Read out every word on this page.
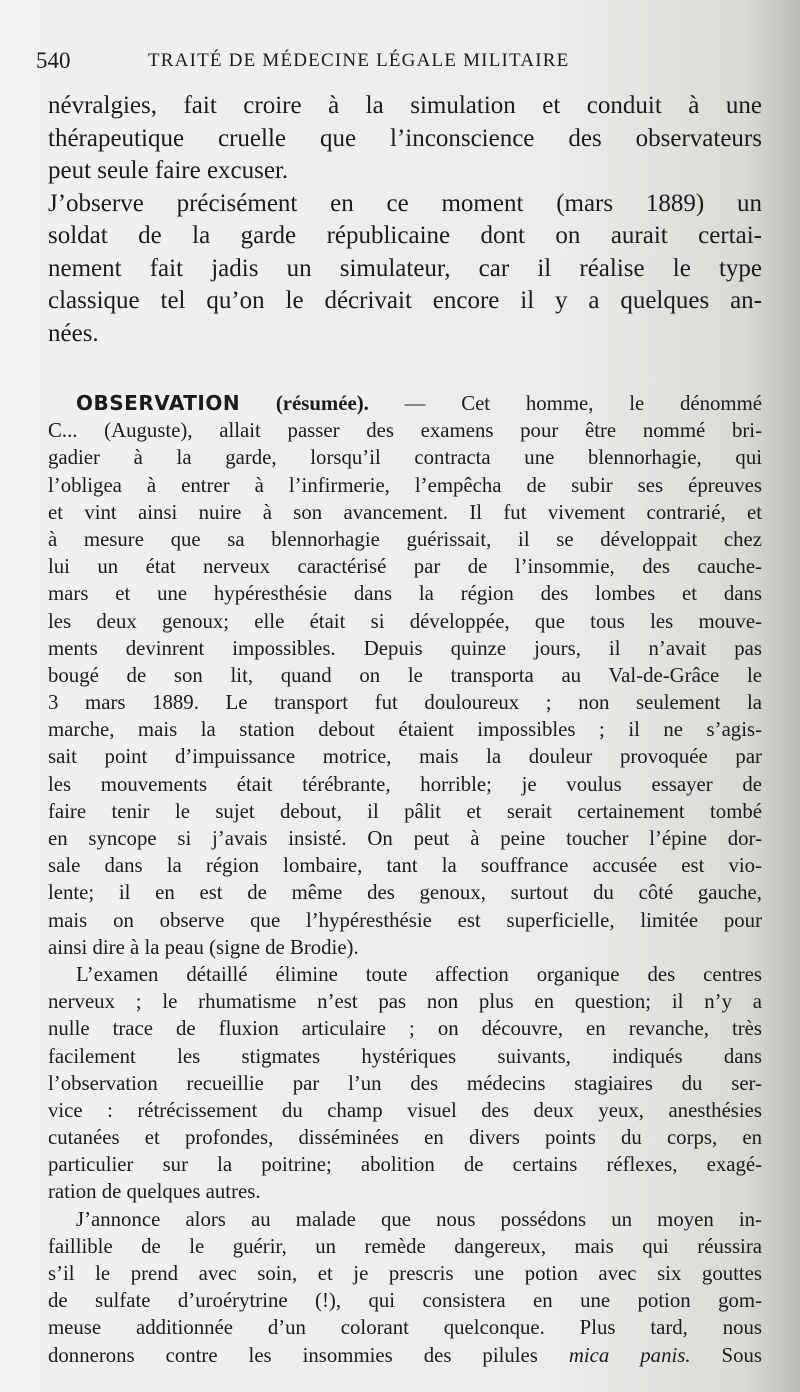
540	TRAITÉ DE MÉDECINE LÉGALE MILITAIRE
névralgies, fait croire à la simulation et conduit à une
thérapeutique cruelle que l’inconscience des observateurs
peut seule faire excuser.
J’observe précisément en ce moment (mars 1889) un
soldat de la garde républicaine dont on aurait certai-
nement fait jadis un simulateur, car il réalise le type
classique tel qu’on le décrivait encore il y a quelques an-
nées.
OBSERVATION (résumée). — Cet homme, le dénommé
C... (Auguste), allait passer des examens pour être nommé bri-
gadier à la garde, lorsqu’il contracta une blennorhagie, qui
l’obligea à entrer à l’infirmerie, l’empêcha de subir ses épreuves
et vint ainsi nuire à son avancement. Il fut vivement contrarié, et
à mesure que sa blennorhagie guérissait, il se développait chez
lui un état nerveux caractérisé par de l’insommie, des cauche-
mars et une hypéresthésie dans la région des lombes et dans
les deux genoux; elle était si développée, que tous les mouve-
ments devinrent impossibles. Depuis quinze jours, il n’avait pas
bougé de son lit, quand on le transporta au Val-de-Grâce le
3 mars 1889. Le transport fut douloureux ; non seulement la
marche, mais la station debout étaient impossibles ; il ne s’agis-
sait point d’impuissance motrice, mais la douleur provoquée par
les mouvements était térébrante, horrible; je voulus essayer de
faire tenir le sujet debout, il pâlit et serait certainement tombé
en syncope si j’avais insisté. On peut à peine toucher l’épine dor-
sale dans la région lombaire, tant la souffrance accusée est vio-
lente; il en est de même des genoux, surtout du côté gauche,
mais on observe que l’hypéresthésie est superficielle, limitée pour
ainsi dire à la peau (signe de Brodie).
L’examen détaillé élimine toute affection organique des centres
nerveux ; le rhumatisme n’est pas non plus en question; il n’y a
nulle trace de fluxion articulaire ; on découvre, en revanche, très
facilement les stigmates hystériques suivants, indiqués dans
l’observation recueillie par l’un des médecins stagiaires du ser-
vice : rétrécissement du champ visuel des deux yeux, anesthésies
cutanées et profondes, disséminées en divers points du corps, en
particulier sur la poitrine; abolition de certains réflexes, exagé-
ration de quelques autres.
J’annonce alors au malade que nous possédons un moyen in-
faillible de le guérir, un remède dangereux, mais qui réussira
s’il le prend avec soin, et je prescris une potion avec six gouttes
de sulfate d’uroérytrine (!), qui consistera en une potion gom-
meuse additionnée d’un colorant quelconque. Plus tard, nous
donnerons contre les insommies des pilules mica panis. Sous
